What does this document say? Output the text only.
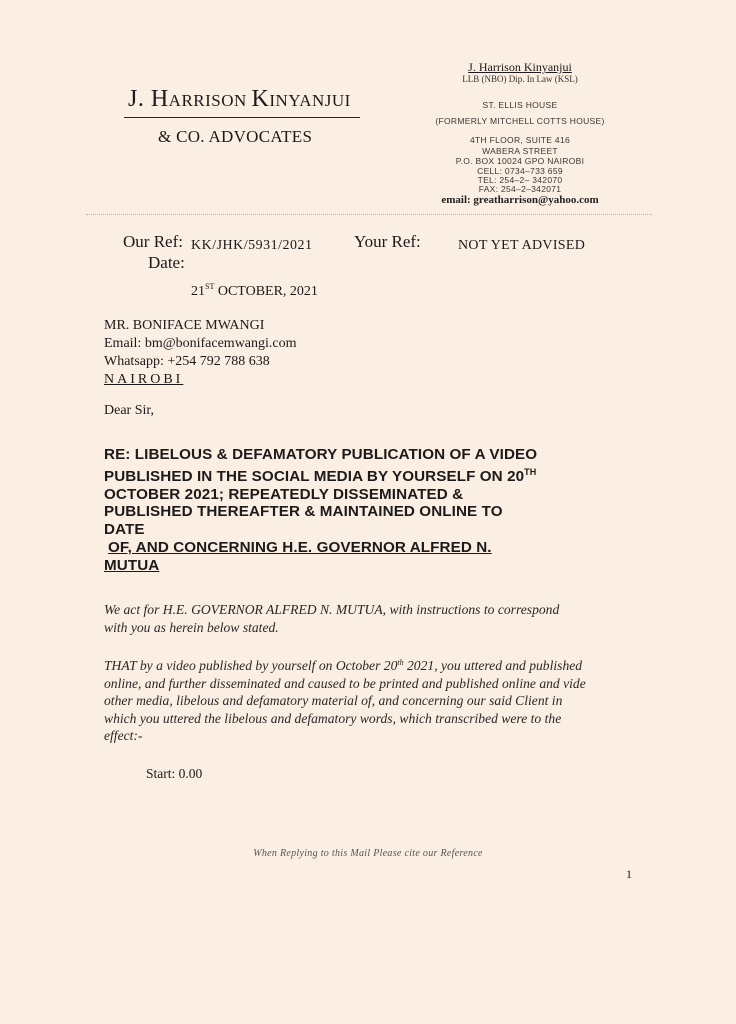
J. HARRISON KINYANJUI
& CO. ADVOCATES
J. Harrison Kinyanjui
LLB (NBO) Dip. In Law (KSL)
ST. ELLIS HOUSE
(FORMERLY MITCHELL COTTS HOUSE)
4TH FLOOR, SUITE 416
WABERA STREET
P.O. BOX 10024 GPO NAIROBI
CELL: 0734–733 659
TEL: 254–2– 342070
FAX: 254–2–342071
email: greatharrison@yahoo.com
Our Ref: KK/JHK/5931/2021 Your Ref:	NOT YET ADVISED
Date:
21ST OCTOBER, 2021
MR. BONIFACE MWANGI
Email: bm@bonifacemwangi.com
Whatsapp: +254 792 788 638
NAIROBI
Dear Sir,
RE: LIBELOUS & DEFAMATORY PUBLICATION OF A VIDEO
PUBLISHED IN THE SOCIAL MEDIA BY YOURSELF ON 20TH
OCTOBER 2021; REPEATEDLY DISSEMINATED &
PUBLISHED THEREAFTER & MAINTAINED ONLINE TO
DATE
OF, AND CONCERNING H.E. GOVERNOR ALFRED N.
MUTUA
We act for H.E. GOVERNOR ALFRED N. MUTUA, with instructions to correspond
with you as herein below stated.
THAT by a video published by yourself on October 20th 2021, you uttered and published
online, and further disseminated and caused to be printed and published online and vide
other media, libelous and defamatory material of, and concerning our said Client in
which you uttered the libelous and defamatory words, which transcribed were to the
effect:-
Start: 0.00
When Replying to this Mail Please cite our Reference
1
